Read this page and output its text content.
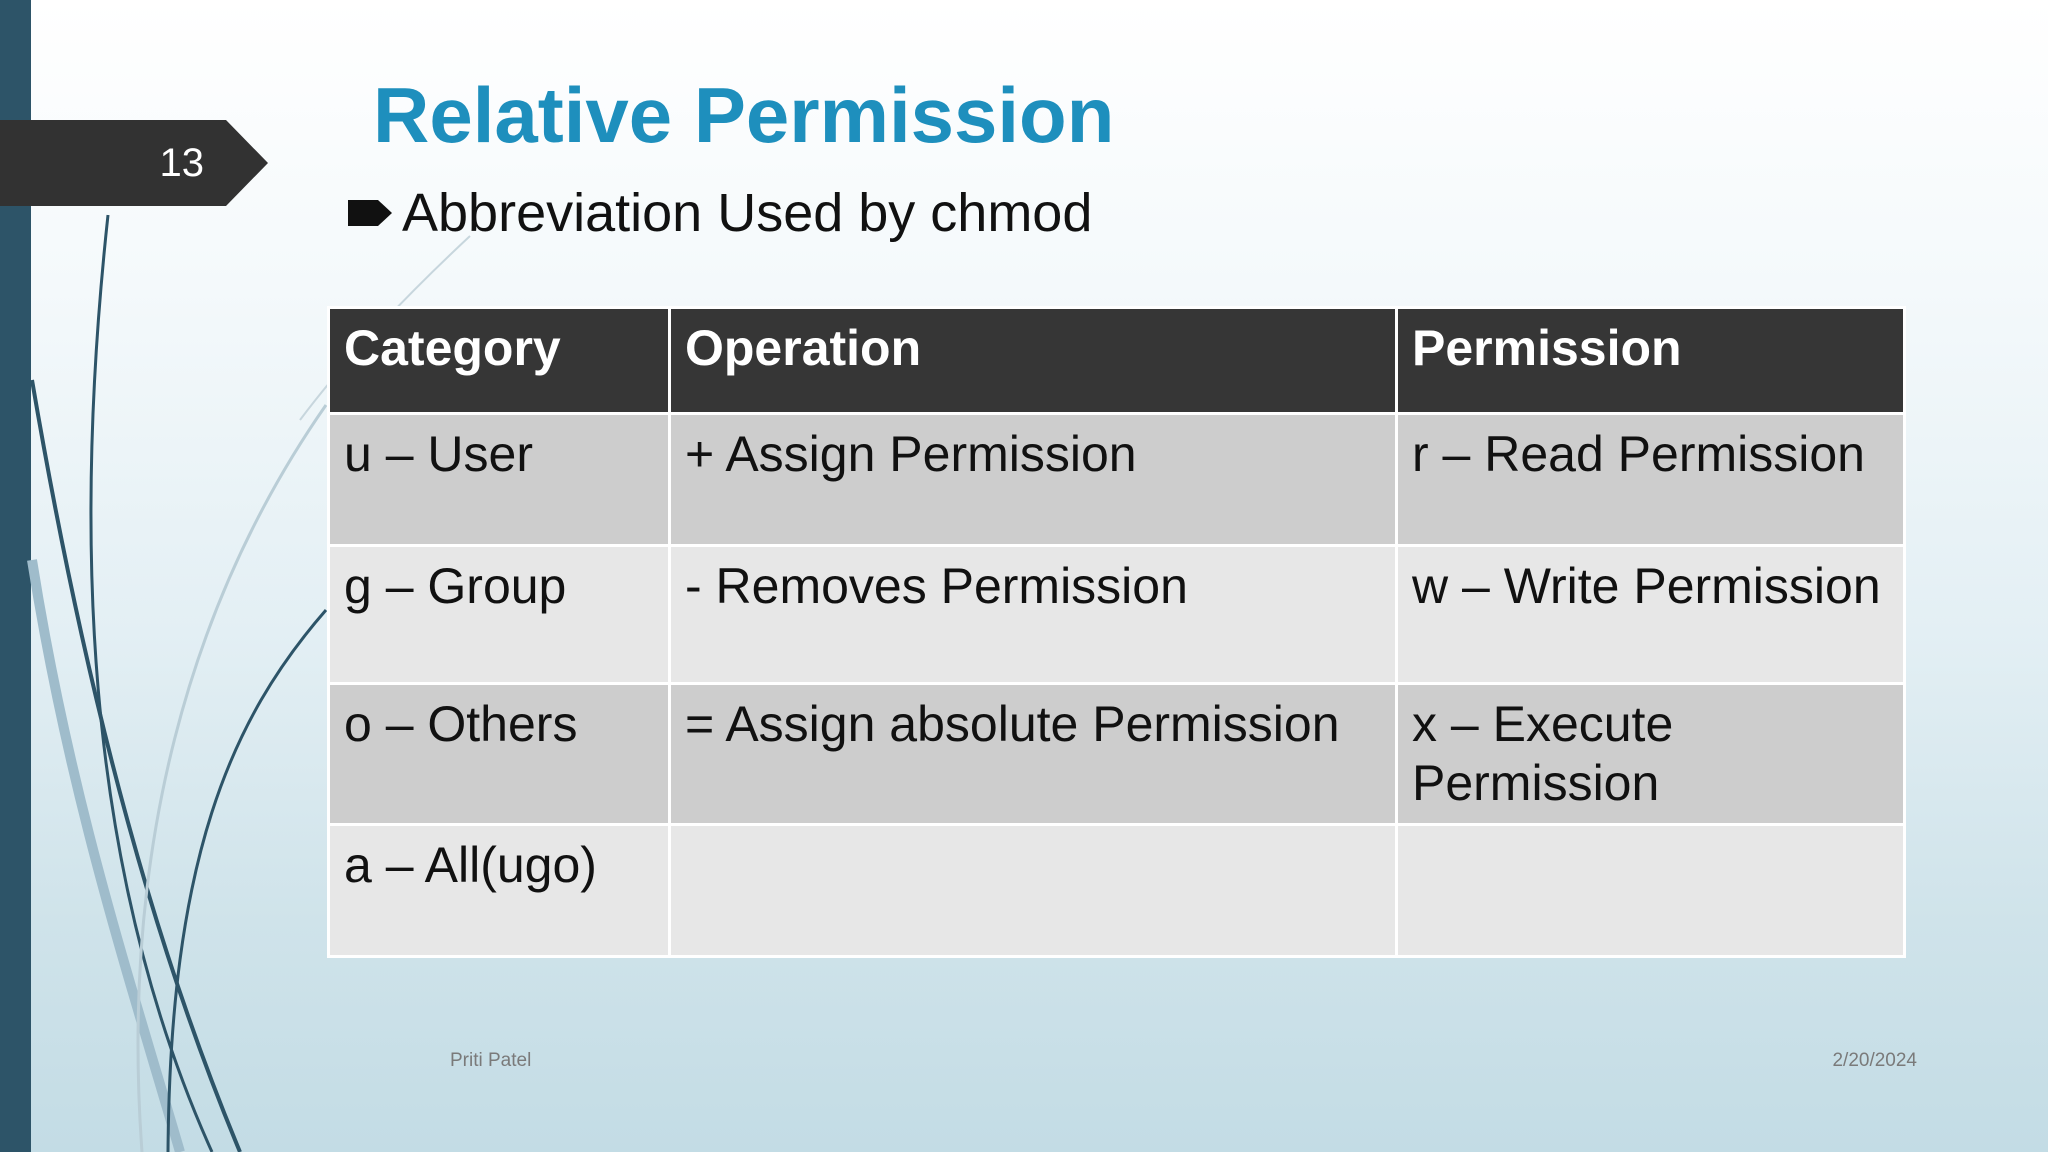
13
Relative Permission
Abbreviation Used by chmod
Category	Operation	Permission
u – User	+ Assign Permission	r – Read Permission
g – Group	- Removes Permission	w – Write Permission
o – Others	= Assign absolute Permission	x – Execute Permission
a – All(ugo)		
Priti Patel	2/20/2024
